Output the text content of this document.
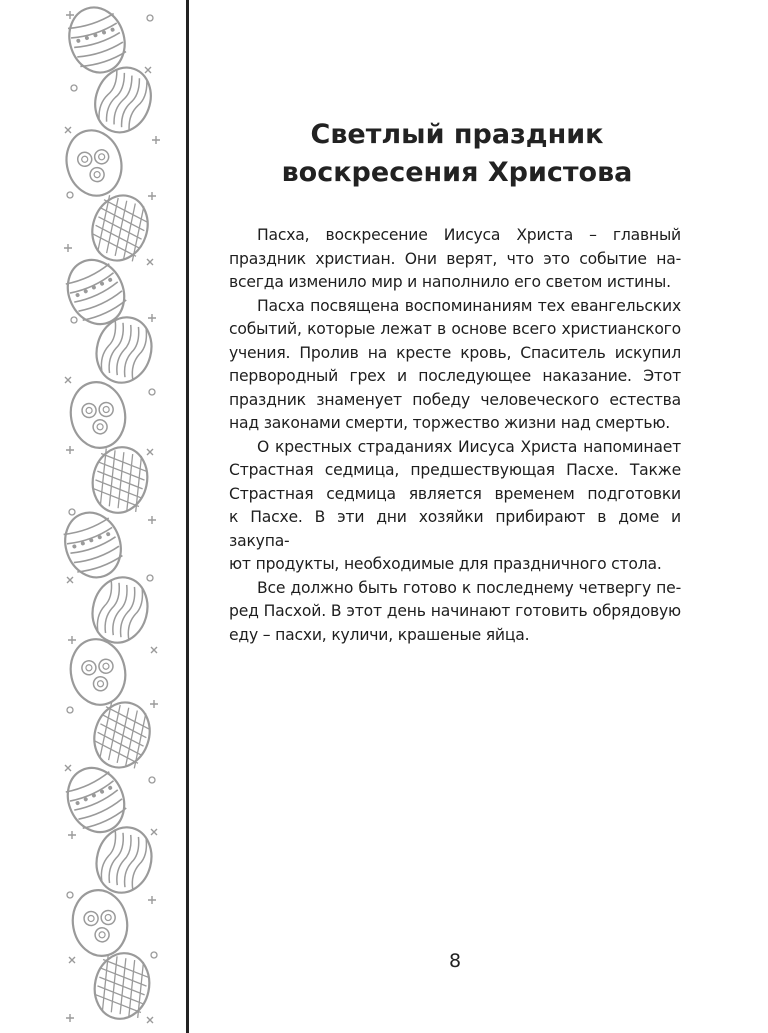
Светлый праздник
воскресения Христова

Пасха, воскресение Иисуса Христа – главный
праздник христиан. Они верят, что это событие на-
всегда изменило мир и наполнило его светом истины.

Пасха посвящена воспоминаниям тех евангельских
событий, которые лежат в основе всего христианского
учения. Пролив на кресте кровь, Спаситель искупил
первородный грех и последующее наказание. Этот
праздник знаменует победу человеческого естества
над законами смерти, торжество жизни над смертью.

О крестных страданиях Иисуса Христа напоминает
Страстная седмица, предшествующая Пасхе. Также
Страстная седмица является временем подготовки
к Пасхе. В эти дни хозяйки прибирают в доме и закупа-
ют продукты, необходимые для праздничного стола.

Все должно быть готово к последнему четвергу пе-
ред Пасхой. В этот день начинают готовить обрядовую
еду – пасхи, куличи, крашеные яйца.

8
